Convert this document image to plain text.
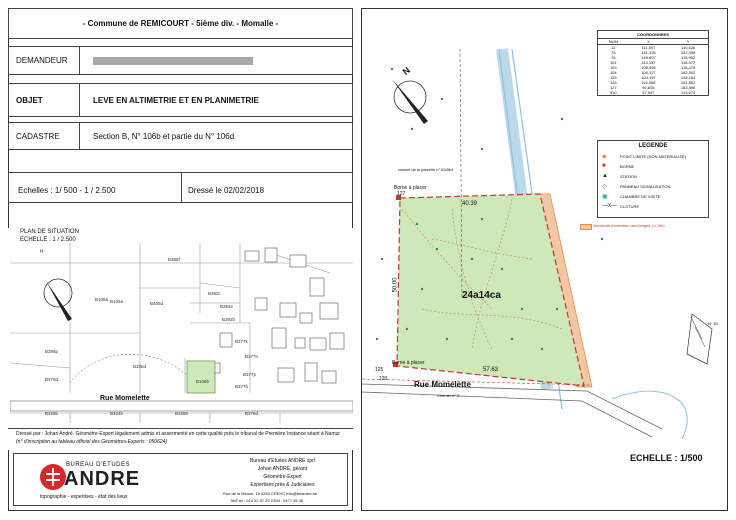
- Commune de REMICOURT - 5ième div. - Momalle -
DEMANDEUR
OBJET	LEVE EN ALTIMETRIE ET EN PLANIMETRIE
CADASTRE	Section B, N° 106b et partie du N° 106d
Echelles : 1/ 500 - 1 / 2.500	Dressé le 02/02/2018
PLAN DE SITUATION
ECHELLE : 1 / 2.500
B405d
B105a
B392c
B392b
B377k
B377n
B386f
B108a
B106d
B106b
B392e
B377p
B325b	B324b	B3258	B376d
B396p
B375d
B377b
N
Rue Momelette
Dressé par : Johan André, Géomètre-Expert légalement admis et assermenté en cette qualité près le tribunal de Première Instance séant à Namur
(n° d'inscription au tableau officiel des Géomètres-Experts : 050624)
BUREAU D'ETUDES
ANDRE
topographie - expertises - état des lieux
Bureau d'Etudes ANDRE sprl
Johan ANDRE, gérant
Géomètre-Expert
Expertises près & Judiciaires
Rue de la Meuse, 1b 4260 CREHC info@beandre.be
Tel/Fax : 019 32 87 29 GSM : 0477 45 46
N
restant de la parcelle n° B106d
Borne à placer
127
40.39
50.00
24a14ca
Borne à placer
125
120
57.63
Rue Momelette
Chemin n° 3
N° 81
ECHELLE : 1/500
COORDONNEES
NUM	X	Y
12	111,597	110,426
75	141,125	122,498
76	149,607	115,952
101	113,157	118,477
103	108,596	118,479
104	105,127	162,002
125	104,197	148,164
126	116,098	161,552
127	90,605	163,596
510	57,947	113,674
LEGENDE
◆	POINT LIMITE (NON MATERIALISE)
■	BORNE
▲	STATION
◇	PANNEAU SIGNALISATION
▣	CHAMBRE DE VISITE
—x— CLOTURE
Servitude d'entretien des berges (+/-5m)
